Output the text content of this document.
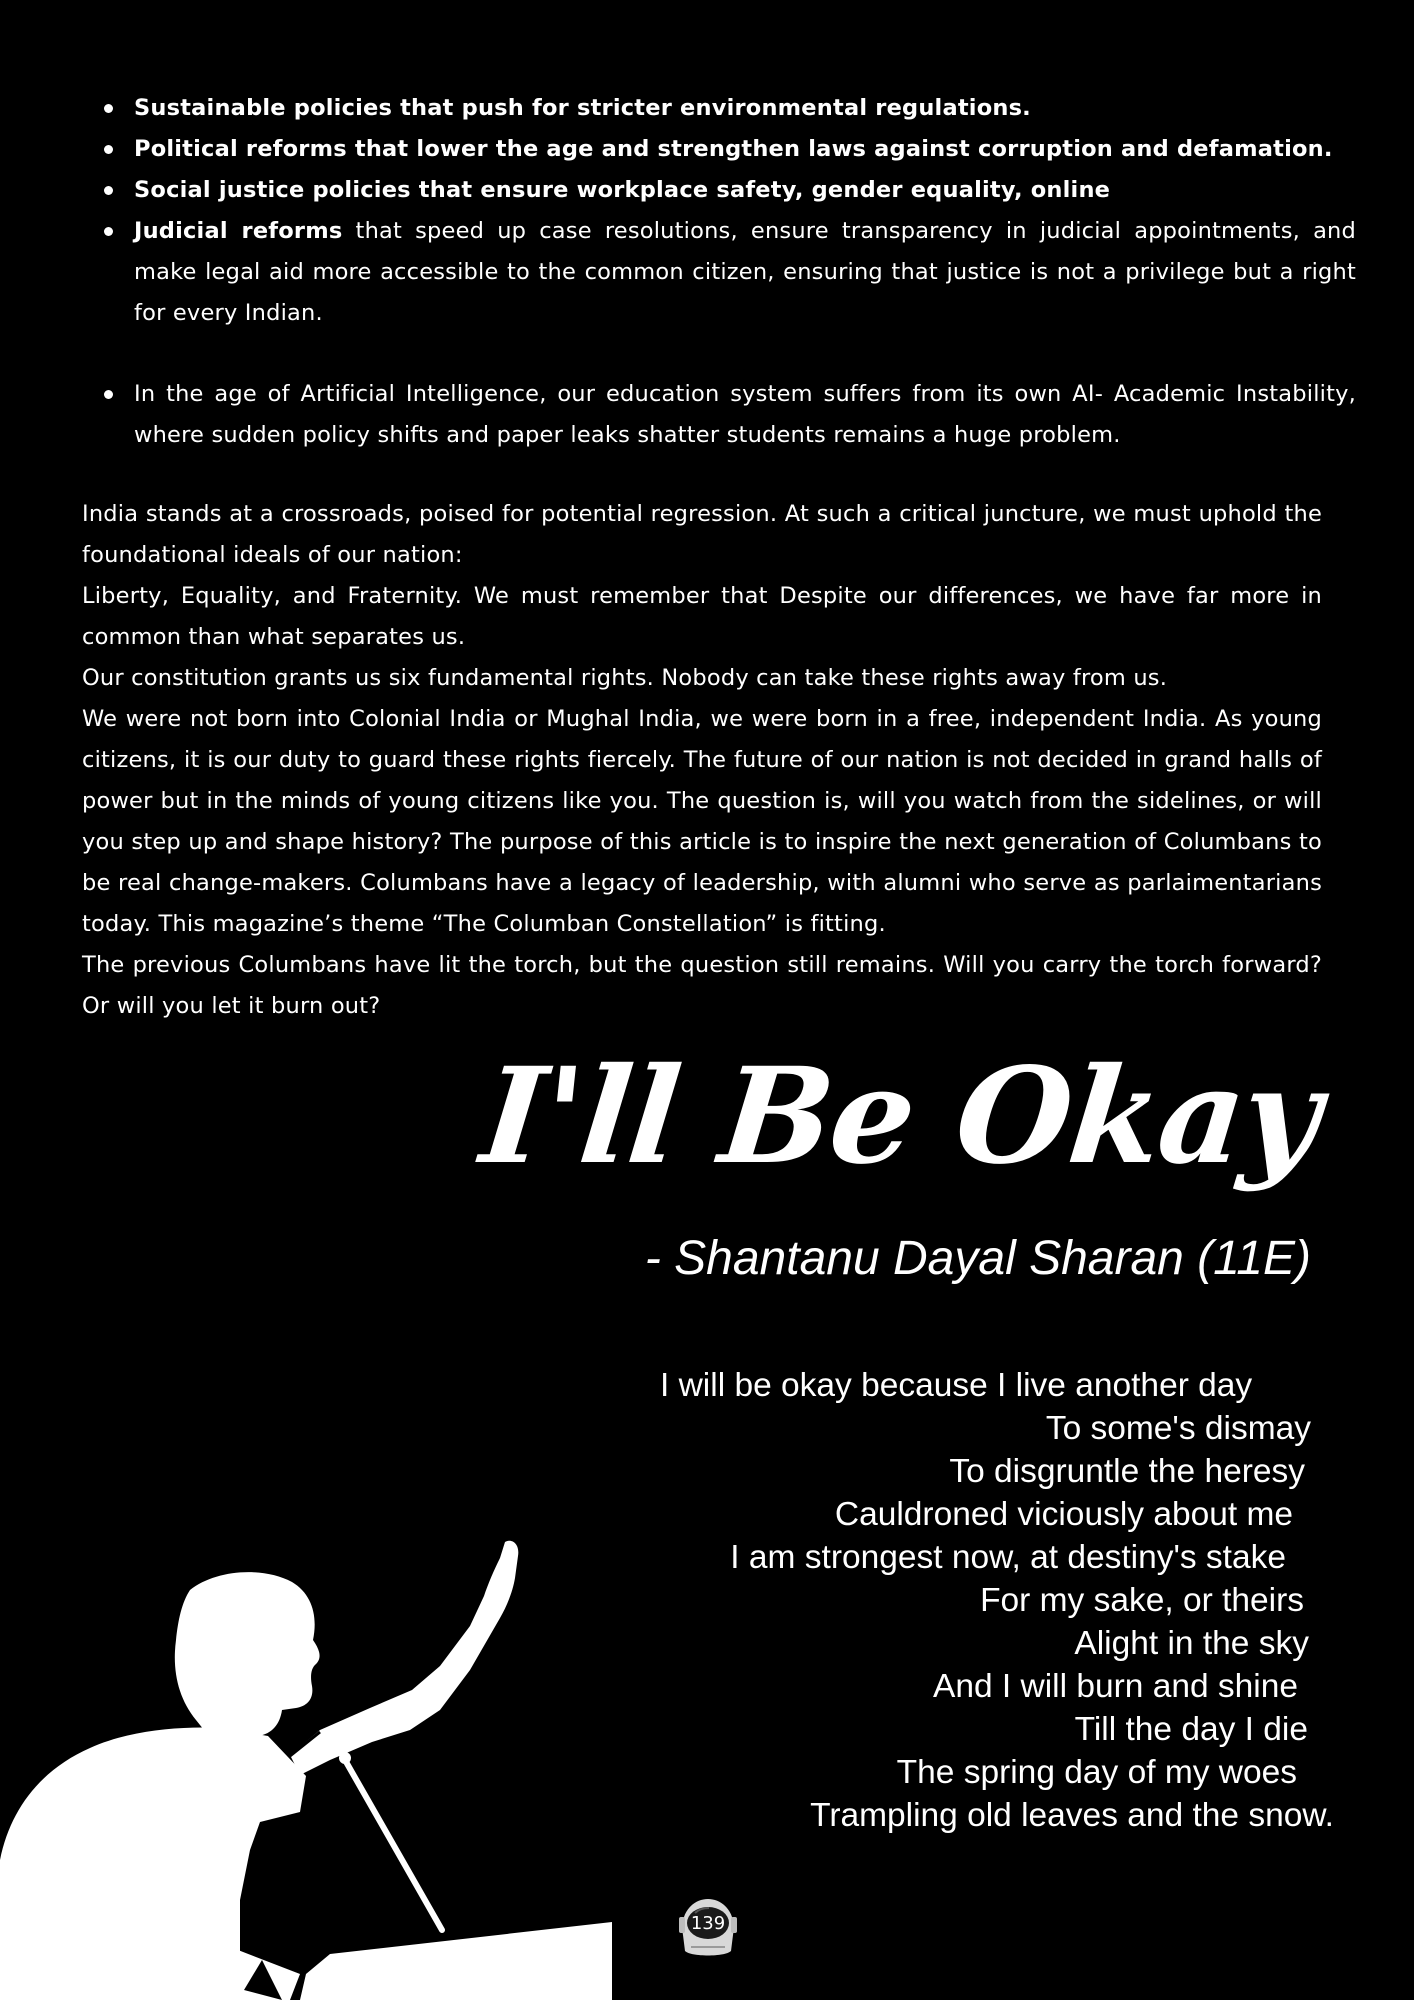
Sustainable policies that push for stricter environmental regulations.
Political reforms that lower the age and strengthen laws against corruption and defamation.
Social justice policies that ensure workplace safety, gender equality, online
Judicial reforms that speed up case resolutions, ensure transparency in judicial appointments, and make legal aid more accessible to the common citizen, ensuring that justice is not a privilege but a right for every Indian.
In the age of Artificial Intelligence, our education system suffers from its own AI- Academic Instability, where sudden policy shifts and paper leaks shatter students remains a huge problem.

India stands at a crossroads, poised for potential regression. At such a critical juncture, we must uphold the foundational ideals of our nation:

Liberty, Equality, and Fraternity. We must remember that Despite our differences, we have far more in common than what separates us.

Our constitution grants us six fundamental rights. Nobody can take these rights away from us.

We were not born into Colonial India or Mughal India, we were born in a free, independent India. As young citizens, it is our duty to guard these rights fiercely. The future of our nation is not decided in grand halls of power but in the minds of young citizens like you. The question is, will you watch from the sidelines, or will you step up and shape history? The purpose of this article is to inspire the next generation of Columbans to be real change-makers. Columbans have a legacy of leadership, with alumni who serve as parlaimentarians today. This magazine’s theme “The Columban Constellation” is fitting.

The previous Columbans have lit the torch, but the question still remains. Will you carry the torch forward? Or will you let it burn out?

I'll Be Okay
- Shantanu Dayal Sharan (11E)
I will be okay because I live another day
To some's dismay
To disgruntle the heresy
Cauldroned viciously about me
I am strongest now, at destiny's stake
For my sake, or theirs
Alight in the sky
And I will burn and shine
Till the day I die
The spring day of my woes
Trampling old leaves and the snow.
139
